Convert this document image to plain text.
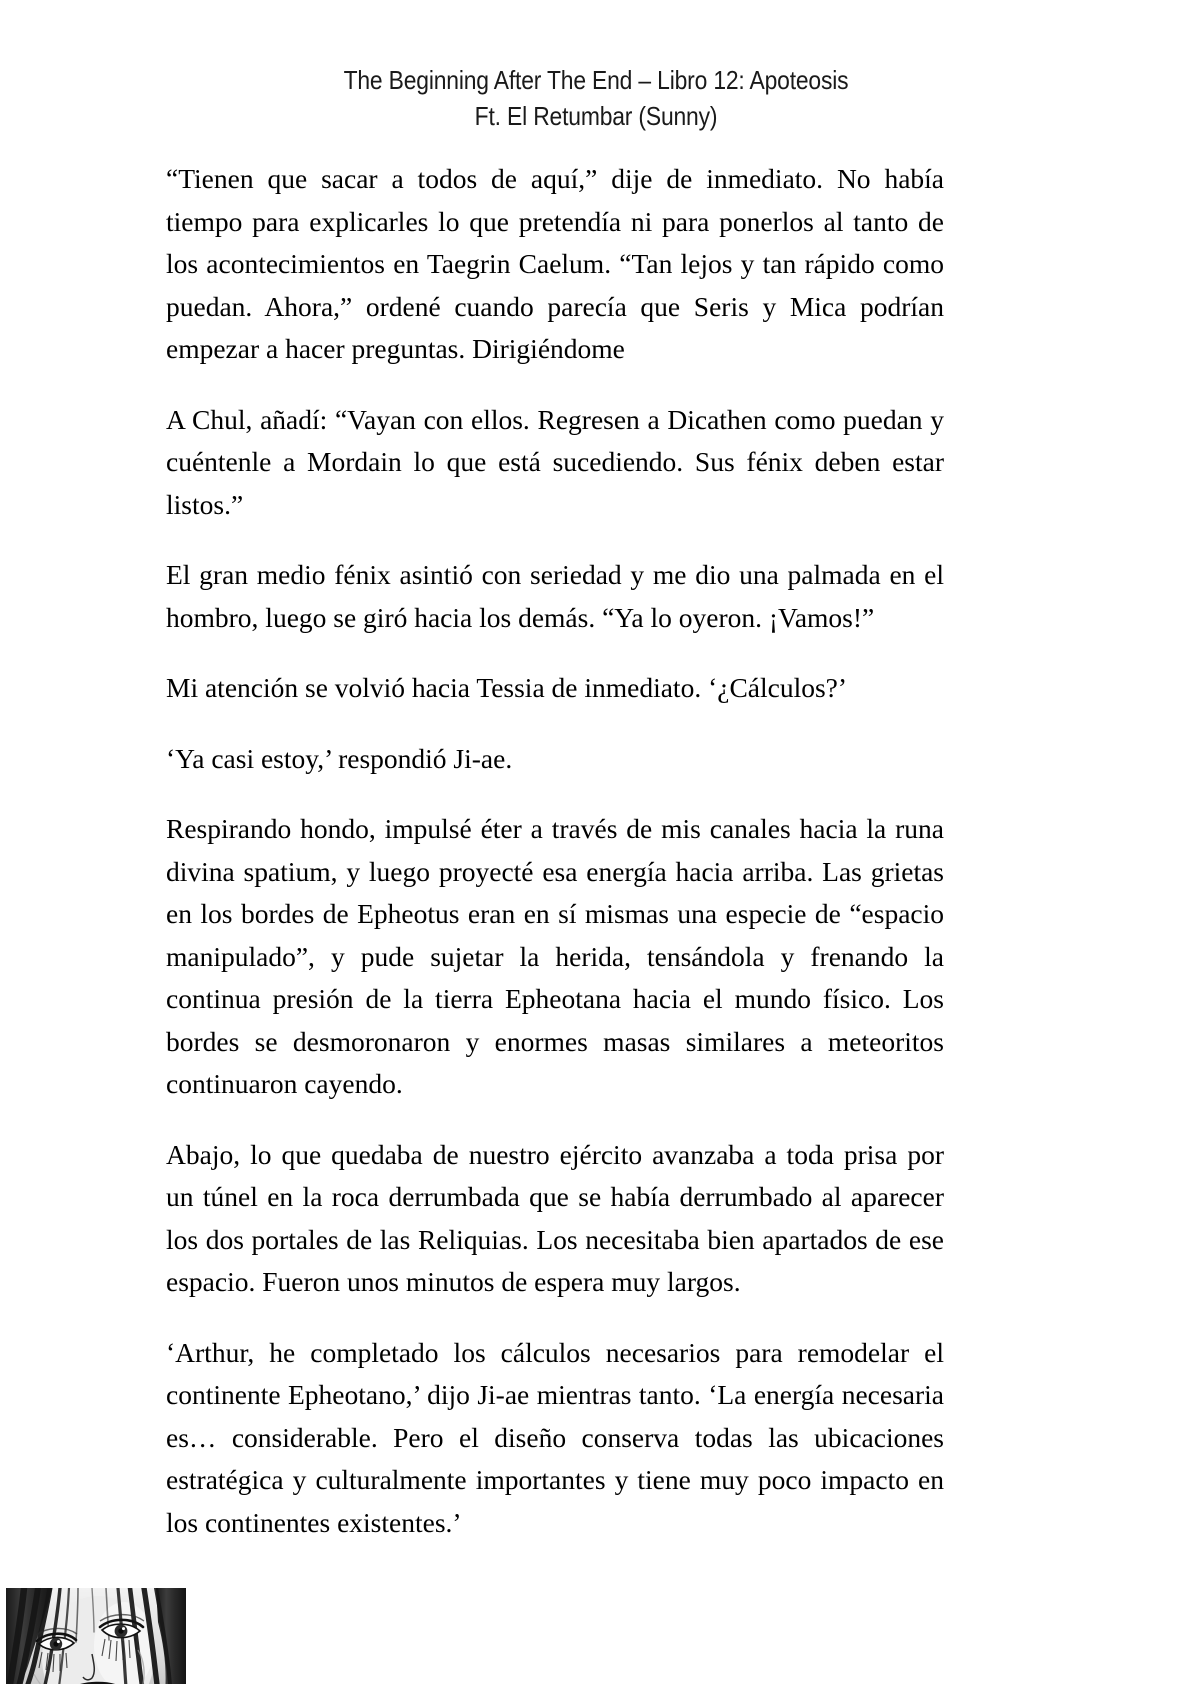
The Beginning After The End – Libro 12: Apoteosis
Ft. El Retumbar (Sunny)

“Tienen que sacar a todos de aquí,” dije de inmediato. No había tiempo para explicarles lo que pretendía ni para ponerlos al tanto de los acontecimientos en Taegrin Caelum. “Tan lejos y tan rápido como puedan. Ahora,” ordené cuando parecía que Seris y Mica podrían empezar a hacer preguntas. Dirigiéndome

A Chul, añadí: “Vayan con ellos. Regresen a Dicathen como puedan y cuéntenle a Mordain lo que está sucediendo. Sus fénix deben estar listos.”

El gran medio fénix asintió con seriedad y me dio una palmada en el hombro, luego se giró hacia los demás. “Ya lo oyeron. ¡Vamos!”

Mi atención se volvió hacia Tessia de inmediato. ‘¿Cálculos?’

‘Ya casi estoy,’ respondió Ji-ae.

Respirando hondo, impulsé éter a través de mis canales hacia la runa divina spatium, y luego proyecté esa energía hacia arriba. Las grietas en los bordes de Epheotus eran en sí mismas una especie de “espacio manipulado”, y pude sujetar la herida, tensándola y frenando la continua presión de la tierra Epheotana hacia el mundo físico. Los bordes se desmoronaron y enormes masas similares a meteoritos continuaron cayendo.

Abajo, lo que quedaba de nuestro ejército avanzaba a toda prisa por un túnel en la roca derrumbada que se había derrumbado al aparecer los dos portales de las Reliquias. Los necesitaba bien apartados de ese espacio. Fueron unos minutos de espera muy largos.

‘Arthur, he completado los cálculos necesarios para remodelar el continente Epheotano,’ dijo Ji-ae mientras tanto. ‘La energía necesaria es… considerable. Pero el diseño conserva todas las ubicaciones estratégica y culturalmente importantes y tiene muy poco impacto en los continentes existentes.’
